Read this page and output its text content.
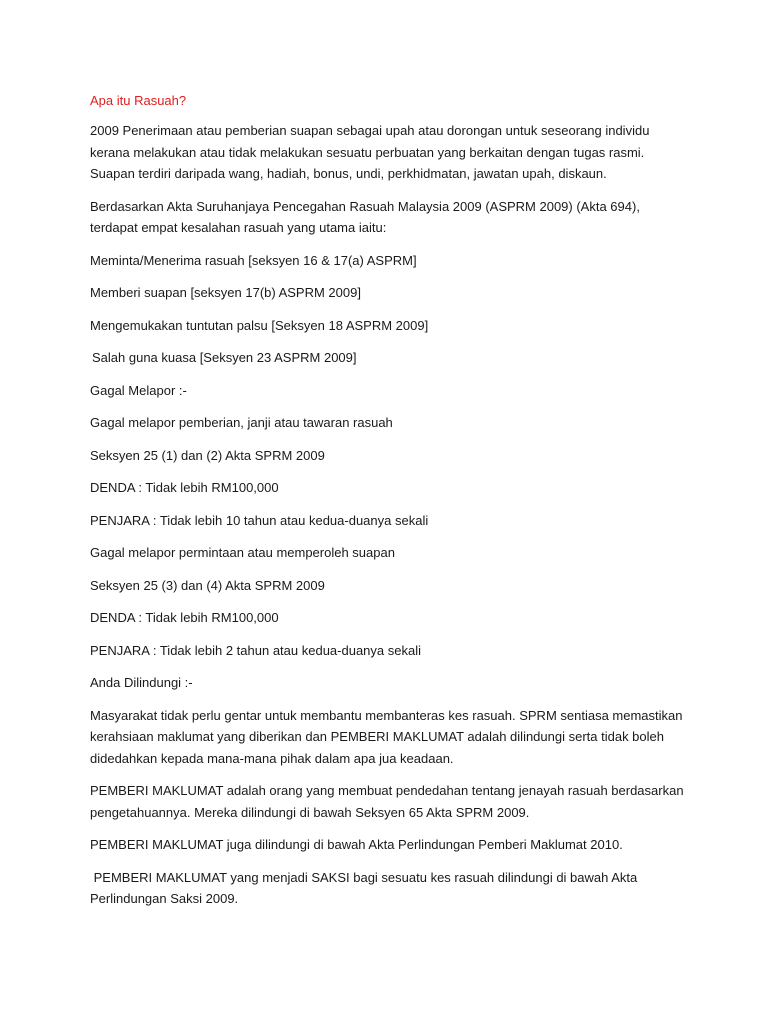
Apa itu Rasuah?
2009 Penerimaan atau pemberian suapan sebagai upah atau dorongan untuk seseorang individu kerana melakukan atau tidak melakukan sesuatu perbuatan yang berkaitan dengan tugas rasmi. Suapan terdiri daripada wang, hadiah, bonus, undi, perkhidmatan, jawatan upah, diskaun.
Berdasarkan Akta Suruhanjaya Pencegahan Rasuah Malaysia 2009 (ASPRM 2009) (Akta 694), terdapat empat kesalahan rasuah yang utama iaitu:
Meminta/Menerima rasuah [seksyen 16 & 17(a) ASPRM]
Memberi suapan [seksyen 17(b) ASPRM 2009]
Mengemukakan tuntutan palsu [Seksyen 18 ASPRM 2009]
Salah guna kuasa [Seksyen 23 ASPRM 2009]
Gagal Melapor :-
Gagal melapor pemberian, janji atau tawaran rasuah
Seksyen 25 (1) dan (2) Akta SPRM 2009
DENDA : Tidak lebih RM100,000
PENJARA : Tidak lebih 10 tahun atau kedua-duanya sekali
Gagal melapor permintaan atau memperoleh suapan
Seksyen 25 (3) dan (4) Akta SPRM 2009
DENDA : Tidak lebih RM100,000
PENJARA : Tidak lebih 2 tahun atau kedua-duanya sekali
Anda Dilindungi :-
Masyarakat tidak perlu gentar untuk membantu membanteras kes rasuah. SPRM sentiasa memastikan kerahsiaan maklumat yang diberikan dan PEMBERI MAKLUMAT adalah dilindungi serta tidak boleh didedahkan kepada mana-mana pihak dalam apa jua keadaan.
PEMBERI MAKLUMAT adalah orang yang membuat pendedahan tentang jenayah rasuah berdasarkan pengetahuannya. Mereka dilindungi di bawah Seksyen 65 Akta SPRM 2009.
PEMBERI MAKLUMAT juga dilindungi di bawah Akta Perlindungan Pemberi Maklumat 2010.
PEMBERI MAKLUMAT yang menjadi SAKSI bagi sesuatu kes rasuah dilindungi di bawah Akta Perlindungan Saksi 2009.
